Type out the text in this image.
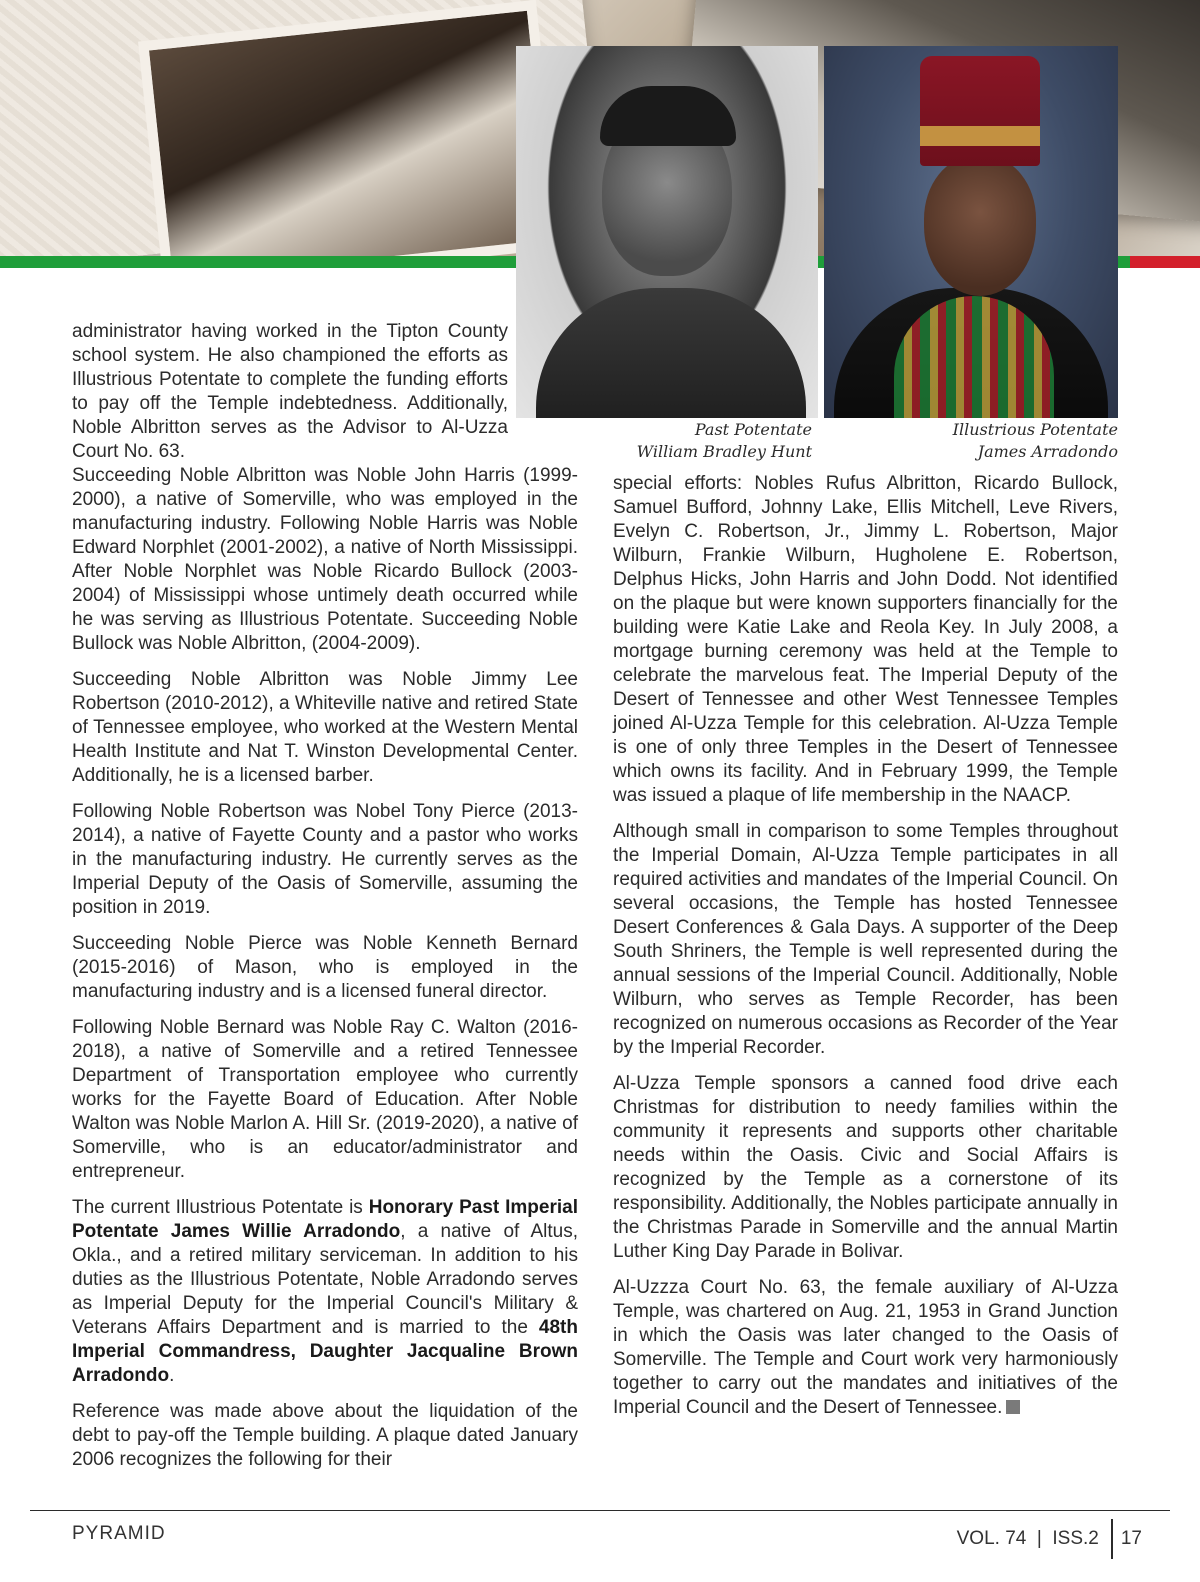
Past Potentate
William Bradley Hunt
Illustrious Potentate
James Arradondo

administrator having worked in the Tipton County school system. He also championed the efforts as Illustrious Potentate to complete the funding efforts to pay off the Temple indebtedness. Additionally, Noble Albritton serves as the Advisor to Al-Uzza Court No. 63.
Succeeding Noble Albritton was Noble John Harris (1999-2000), a native of Somerville, who was employed in the manufacturing industry. Following Noble Harris was Noble Edward Norphlet (2001-2002), a native of North Mississippi. After Noble Norphlet was Noble Ricardo Bullock (2003-2004) of Mississippi whose untimely death occurred while he was serving as Illustrious Potentate. Succeeding Noble Bullock was Noble Albritton, (2004-2009).

Succeeding Noble Albritton was Noble Jimmy Lee Robertson (2010-2012), a Whiteville native and retired State of Tennessee employee, who worked at the Western Mental Health Institute and Nat T. Winston Developmental Center. Additionally, he is a licensed barber.

Following Noble Robertson was Nobel Tony Pierce (2013-2014), a native of Fayette County and a pastor who works in the manufacturing industry. He currently serves as the Imperial Deputy of the Oasis of Somerville, assuming the position in 2019.

Succeeding Noble Pierce was Noble Kenneth Bernard (2015-2016) of Mason, who is employed in the manufacturing industry and is a licensed funeral director.

Following Noble Bernard was Noble Ray C. Walton (2016-2018), a native of Somerville and a retired Tennessee Department of Transportation employee who currently works for the Fayette Board of Education. After Noble Walton was Noble Marlon A. Hill Sr. (2019-2020), a native of Somerville, who is an educator/administrator and entrepreneur.

The current Illustrious Potentate is Honorary Past Imperial Potentate James Willie Arradondo, a native of Altus, Okla., and a retired military serviceman. In addition to his duties as the Illustrious Potentate, Noble Arradondo serves as Imperial Deputy for the Imperial Council's Military & Veterans Affairs Department and is married to the 48th Imperial Commandress, Daughter Jacqualine Brown Arradondo.

Reference was made above about the liquidation of the debt to pay-off the Temple building. A plaque dated January 2006 recognizes the following for their

special efforts: Nobles Rufus Albritton, Ricardo Bullock, Samuel Bufford, Johnny Lake, Ellis Mitchell, Leve Rivers, Evelyn C. Robertson, Jr., Jimmy L. Robertson, Major Wilburn, Frankie Wilburn, Hugholene E. Robertson, Delphus Hicks, John Harris and John Dodd. Not identified on the plaque but were known supporters financially for the building were Katie Lake and Reola Key. In July 2008, a mortgage burning ceremony was held at the Temple to celebrate the marvelous feat. The Imperial Deputy of the Desert of Tennessee and other West Tennessee Temples joined Al-Uzza Temple for this celebration. Al-Uzza Temple is one of only three Temples in the Desert of Tennessee which owns its facility. And in February 1999, the Temple was issued a plaque of life membership in the NAACP.

Although small in comparison to some Temples throughout the Imperial Domain, Al-Uzza Temple participates in all required activities and mandates of the Imperial Council. On several occasions, the Temple has hosted Tennessee Desert Conferences & Gala Days. A supporter of the Deep South Shriners, the Temple is well represented during the annual sessions of the Imperial Council. Additionally, Noble Wilburn, who serves as Temple Recorder, has been recognized on numerous occasions as Recorder of the Year by the Imperial Recorder.

Al-Uzza Temple sponsors a canned food drive each Christmas for distribution to needy families within the community it represents and supports other charitable needs within the Oasis. Civic and Social Affairs is recognized by the Temple as a cornerstone of its responsibility. Additionally, the Nobles participate annually in the Christmas Parade in Somerville and the annual Martin Luther King Day Parade in Bolivar.

Al-Uzzza Court No. 63, the female auxiliary of Al-Uzza Temple, was chartered on Aug. 21, 1953 in Grand Junction in which the Oasis was later changed to the Oasis of Somerville. The Temple and Court work very harmoniously together to carry out the mandates and initiatives of the Imperial Council and the Desert of Tennessee.

PYRAMID	VOL. 74  |  ISS.2	17
